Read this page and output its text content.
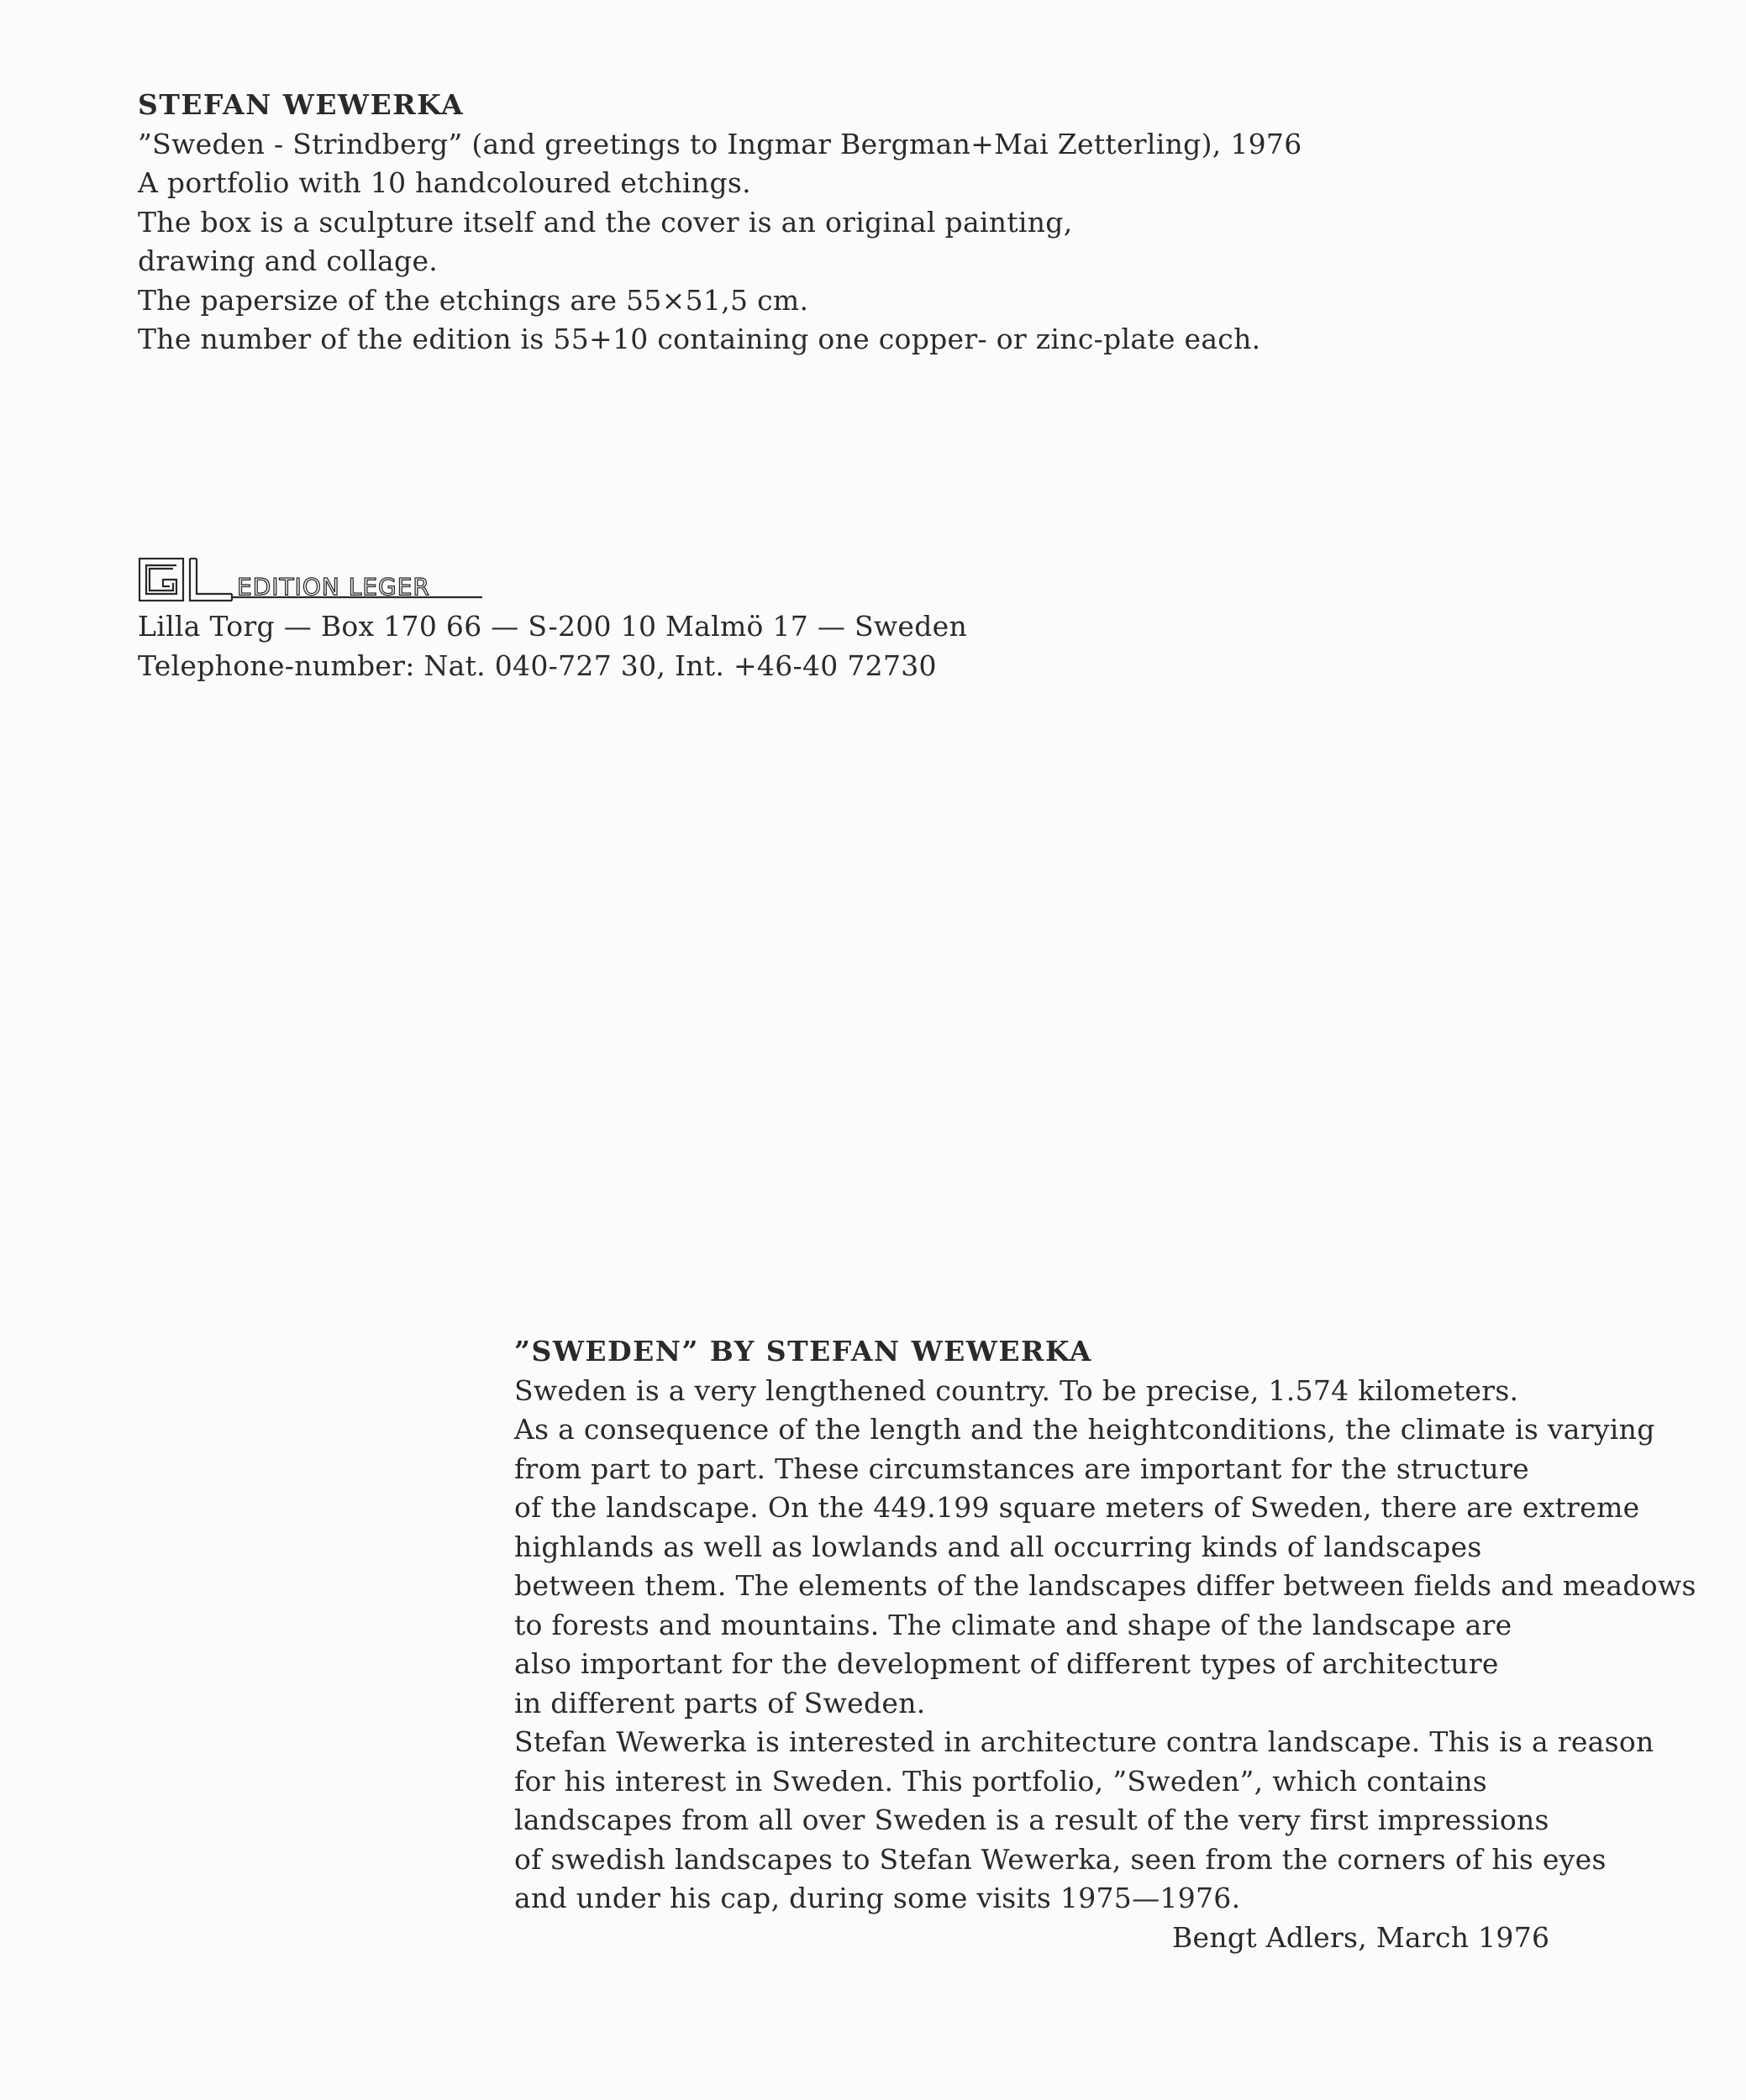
STEFAN WEWERKA
”Sweden - Strindberg” (and greetings to Ingmar Bergman+Mai Zetterling), 1976
A portfolio with 10 handcoloured etchings.
The box is a sculpture itself and the cover is an original painting,
drawing and collage.
The papersize of the etchings are 55×51,5 cm.
The number of the edition is 55+10 containing one copper- or zinc-plate each.
EDITION LEGER
Lilla Torg — Box 170 66 — S-200 10 Malmö 17 — Sweden
Telephone-number: Nat. 040-727 30, Int. +46-40 72730
”SWEDEN” BY STEFAN WEWERKA
Sweden is a very lengthened country. To be precise, 1.574 kilometers.
As a consequence of the length and the heightconditions, the climate is varying
from part to part. These circumstances are important for the structure
of the landscape. On the 449.199 square meters of Sweden, there are extreme
highlands as well as lowlands and all occurring kinds of landscapes
between them. The elements of the landscapes differ between fields and meadows
to forests and mountains. The climate and shape of the landscape are
also important for the development of different types of architecture
in different parts of Sweden.
Stefan Wewerka is interested in architecture contra landscape. This is a reason
for his interest in Sweden. This portfolio, ”Sweden”, which contains
landscapes from all over Sweden is a result of the very first impressions
of swedish landscapes to Stefan Wewerka, seen from the corners of his eyes
and under his cap, during some visits 1975—1976.
Bengt Adlers, March 1976
